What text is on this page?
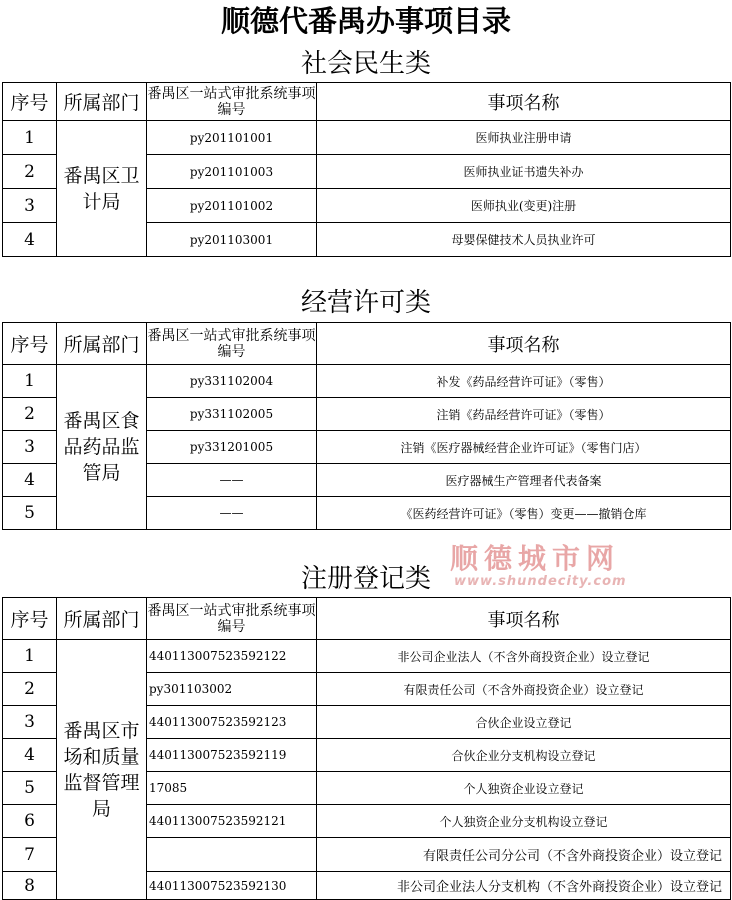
顺德代番禺办事项目录
社会民生类
序号	所属部门	番禺区一站式审批系统事项编号	事项名称
1	番禺区卫计局	py201101001	医师执业注册申请
2		py201101003	医师执业证书遗失补办
3		py201101002	医师执业(变更)注册
4		py201103001	母婴保健技术人员执业许可
经营许可类
序号	所属部门	番禺区一站式审批系统事项编号	事项名称
1	番禺区食品药品监管局	py331102004	补发《药品经营许可证》（零售）
2		py331102005	注销《药品经营许可证》（零售）
3		py331201005	注销《医疗器械经营企业许可证》（零售门店）
4		——	医疗器械生产管理者代表备案
5		——	《医药经营许可证》（零售）变更——撤销仓库
顺德城市网
www.shundecity.com
注册登记类
序号	所属部门	番禺区一站式审批系统事项编号	事项名称
1	番禺区市场和质量监督管理局	440113007523592122	非公司企业法人（不含外商投资企业）设立登记
2		py301103002	有限责任公司（不含外商投资企业）设立登记
3		440113007523592123	合伙企业设立登记
4		440113007523592119	合伙企业分支机构设立登记
5		17085	个人独资企业设立登记
6		440113007523592121	个人独资企业分支机构设立登记
7			有限责任公司分公司（不含外商投资企业）设立登记
8		440113007523592130	非公司企业法人分支机构（不含外商投资企业）设立登记
